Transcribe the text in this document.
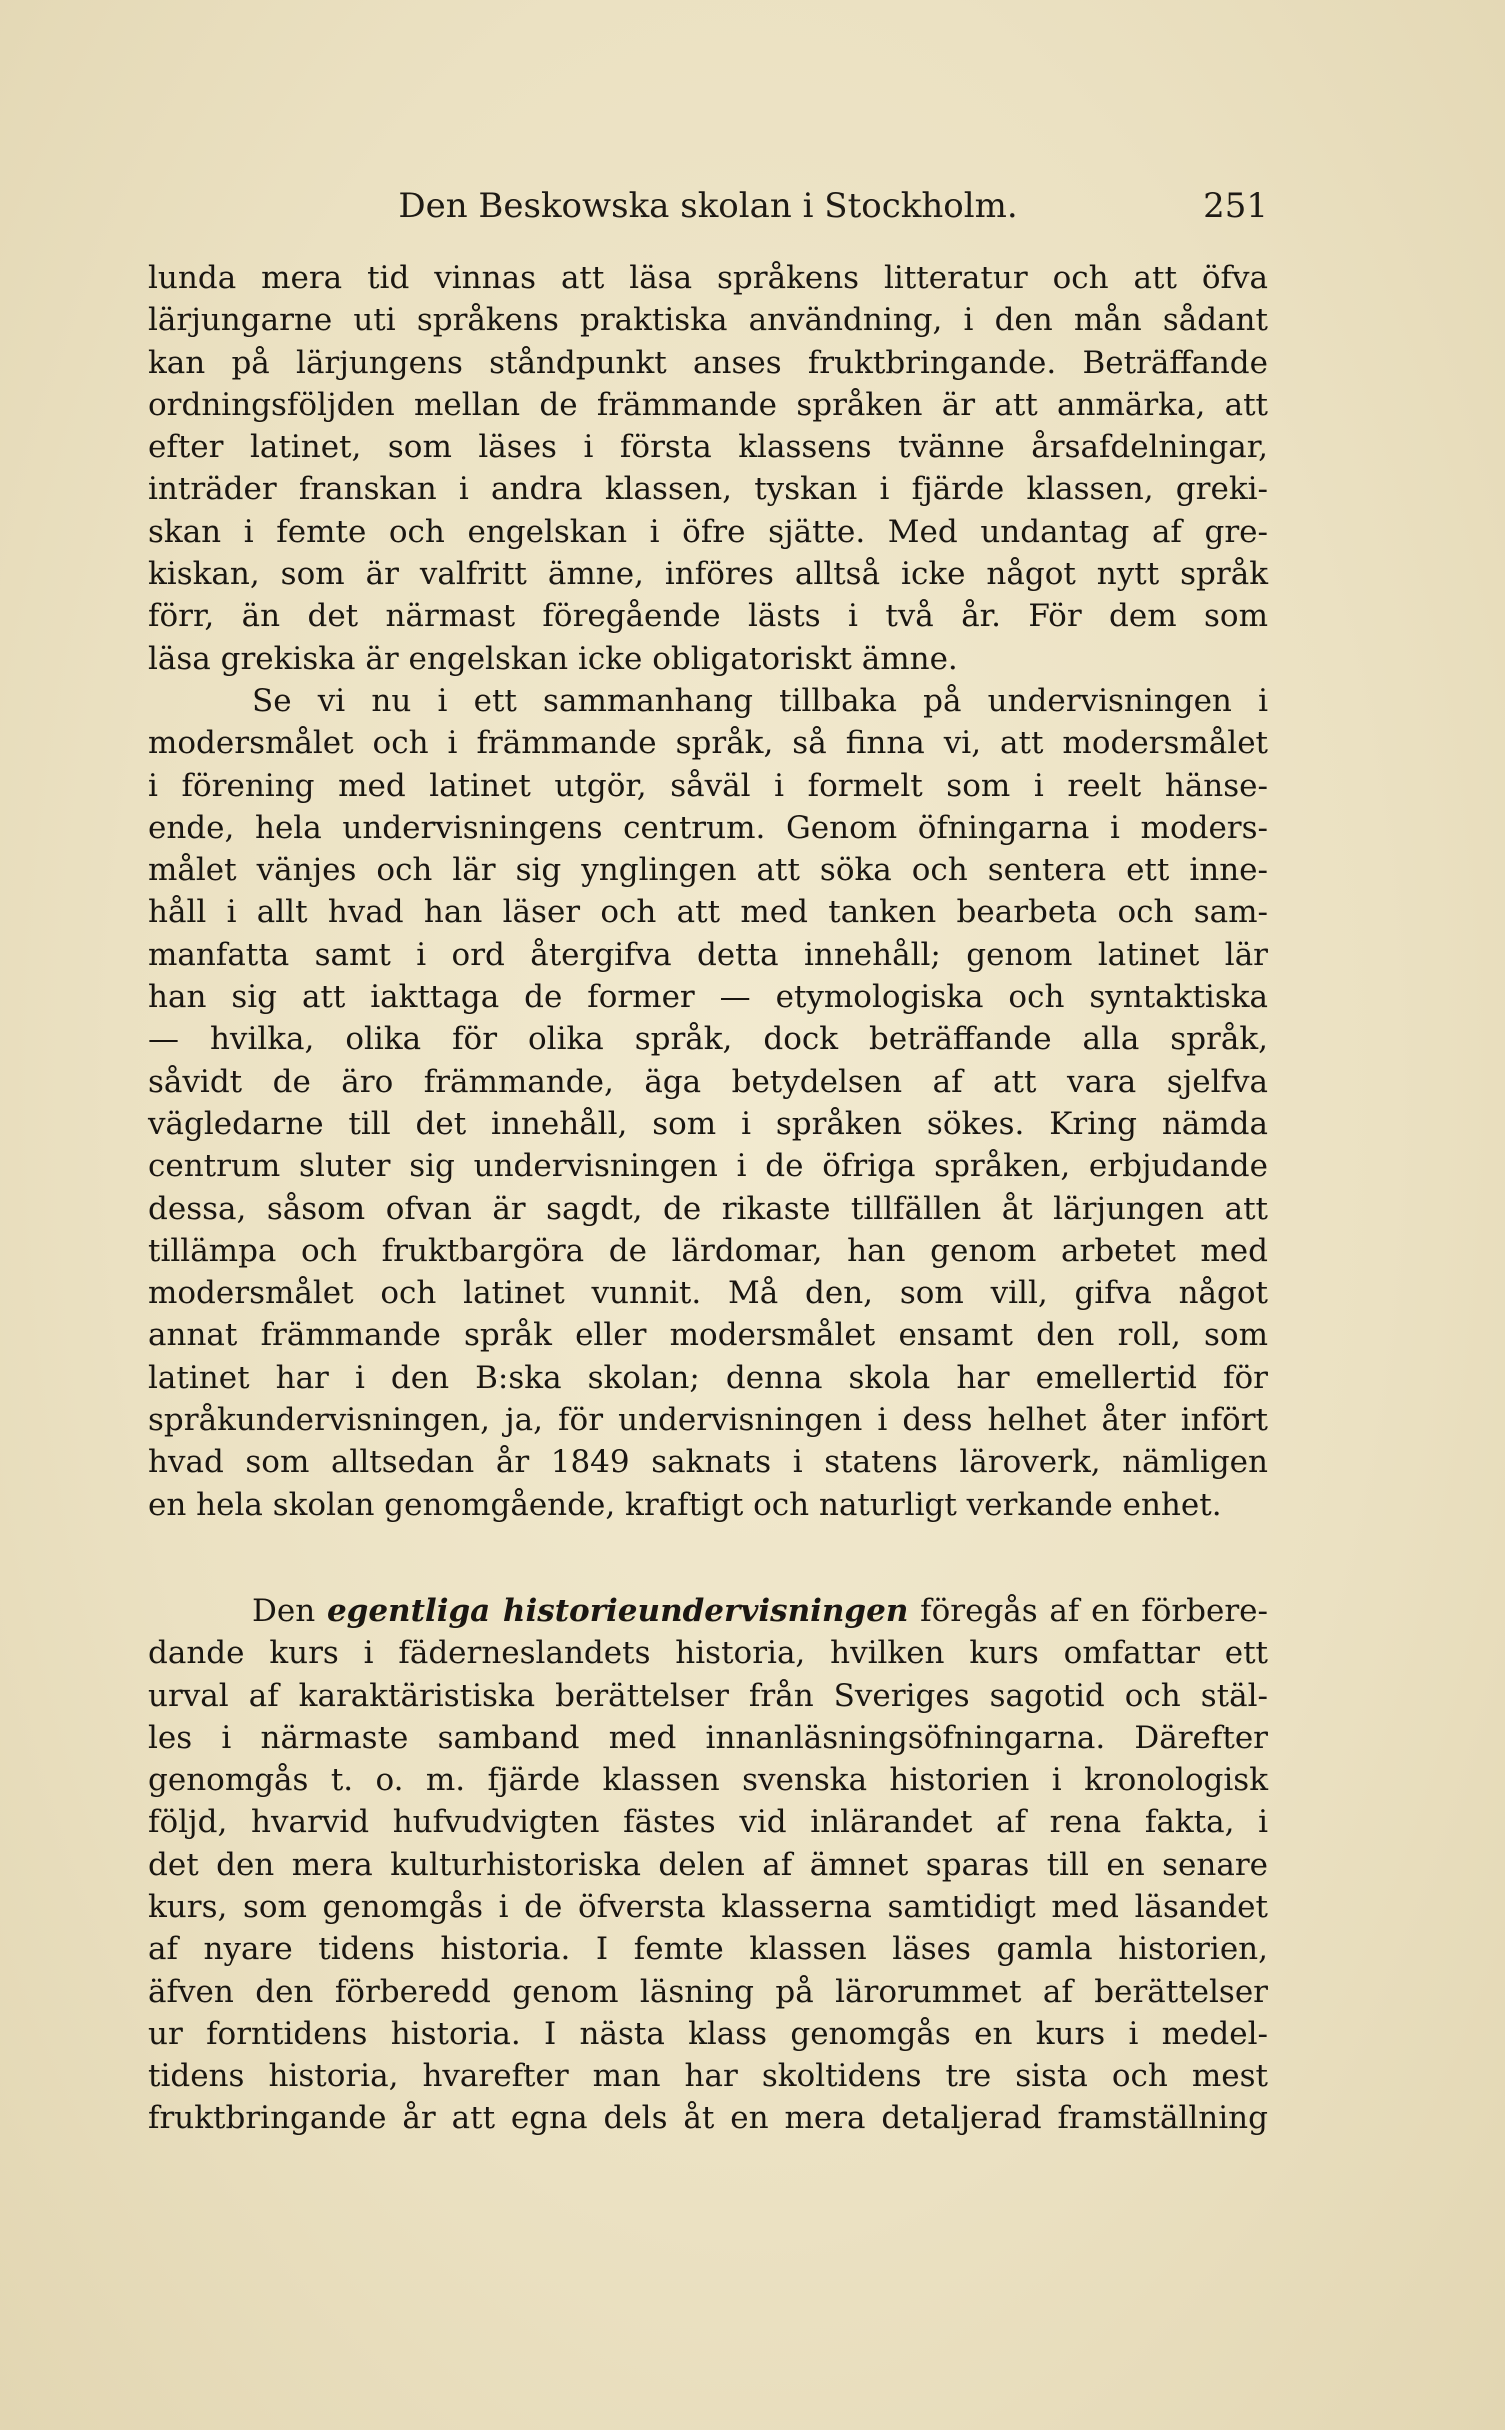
Den Beskowska skolan i Stockholm.	251
lunda mera tid vinnas att läsa språkens litteratur och att öfva
lärjungarne uti språkens praktiska användning, i den mån sådant
kan på lärjungens ståndpunkt anses fruktbringande. Beträffande
ordningsföljden mellan de främmande språken är att anmärka, att
efter latinet, som läses i första klassens tvänne årsafdelningar,
inträder franskan i andra klassen, tyskan i fjärde klassen, greki-
skan i femte och engelskan i öfre sjätte. Med undantag af gre-
kiskan, som är valfritt ämne, införes alltså icke något nytt språk
förr, än det närmast föregående lästs i två år. För dem som
läsa grekiska är engelskan icke obligatoriskt ämne.
Se vi nu i ett sammanhang tillbaka på undervisningen i
modersmålet och i främmande språk, så finna vi, att modersmålet
i förening med latinet utgör, såväl i formelt som i reelt hänse-
ende, hela undervisningens centrum. Genom öfningarna i moders-
målet vänjes och lär sig ynglingen att söka och sentera ett inne-
håll i allt hvad han läser och att med tanken bearbeta och sam-
manfatta samt i ord återgifva detta innehåll; genom latinet lär
han sig att iakttaga de former — etymologiska och syntaktiska
— hvilka, olika för olika språk, dock beträffande alla språk,
såvidt de äro främmande, äga betydelsen af att vara sjelfva
vägledarne till det innehåll, som i språken sökes. Kring nämda
centrum sluter sig undervisningen i de öfriga språken, erbjudande
dessa, såsom ofvan är sagdt, de rikaste tillfällen åt lärjungen att
tillämpa och fruktbargöra de lärdomar, han genom arbetet med
modersmålet och latinet vunnit. Må den, som vill, gifva något
annat främmande språk eller modersmålet ensamt den roll, som
latinet har i den B:ska skolan; denna skola har emellertid för
språkundervisningen, ja, för undervisningen i dess helhet åter infört
hvad som alltsedan år 1849 saknats i statens läroverk, nämligen
en hela skolan genomgående, kraftigt och naturligt verkande enhet.
Den egentliga historieundervisningen föregås af en förbere-
dande kurs i fäderneslandets historia, hvilken kurs omfattar ett
urval af karaktäristiska berättelser från Sveriges sagotid och stäl-
les i närmaste samband med innanläsningsöfningarna. Därefter
genomgås t. o. m. fjärde klassen svenska historien i kronologisk
följd, hvarvid hufvudvigten fästes vid inlärandet af rena fakta, i
det den mera kulturhistoriska delen af ämnet sparas till en senare
kurs, som genomgås i de öfversta klasserna samtidigt med läsandet
af nyare tidens historia. I femte klassen läses gamla historien,
äfven den förberedd genom läsning på lärorummet af berättelser
ur forntidens historia. I nästa klass genomgås en kurs i medel-
tidens historia, hvarefter man har skoltidens tre sista och mest
fruktbringande år att egna dels åt en mera detaljerad framställning
